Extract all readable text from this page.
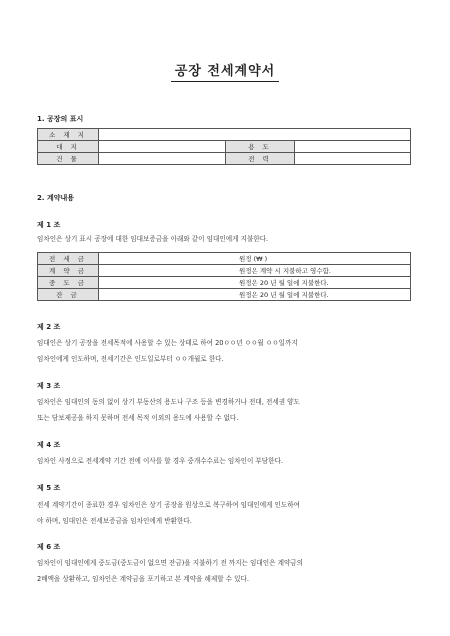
공장 전세계약서
1. 공장의 표시
소 재 지			
대 지		용 도	
건 물		전 력	
2. 계약내용
제 1 조

임차인은 상기 표시 공장에 대한 임대보증금을 아래와 같이 임대인에게 지불한다.

전 세 금	원정 (₩ )
계 약 금	원정은 계약 시 지불하고 영수함.
중 도 금	원정은 20 년 월 일에 지불한다.
잔 금	원정은 20 년 월 일에 지불한다.
제 2 조

임대인은 상기 공장을 전세목적에 사용할 수 있는 상태로 하여 20ㅇㅇ년 ㅇㅇ월 ㅇㅇ일까지

임차인에게 인도하며, 전세기간은 인도일로부터 ㅇㅇ개월로 한다.

제 3 조

임차인은 임대인의 동의 없이 상기 부동산의 용도나 구조 등을 변경하거나 전대, 전세권 양도

또는 담보제공을 하지 못하며 전세 목적 이외의 용도에 사용할 수 없다.

제 4 조

임차인 사정으로 전세계약 기간 전에 이사를 할 경우 중개수수료는 임차인이 부담한다.

제 5 조

전세 계약기간이 종료한 경우 임차인은 상기 공장을 원상으로 복구하여 임대인에게 인도하여

야 하며, 임대인은 전세보증금을 임차인에게 반환한다.

제 6 조

임차인이 임대인에게 중도금(중도금이 없으면 잔금)을 지불하기 전 까지는 임대인은 계약금의

2배액을 상환하고, 임차인은 계약금을 포기하고 본 계약을 해제할 수 있다.
